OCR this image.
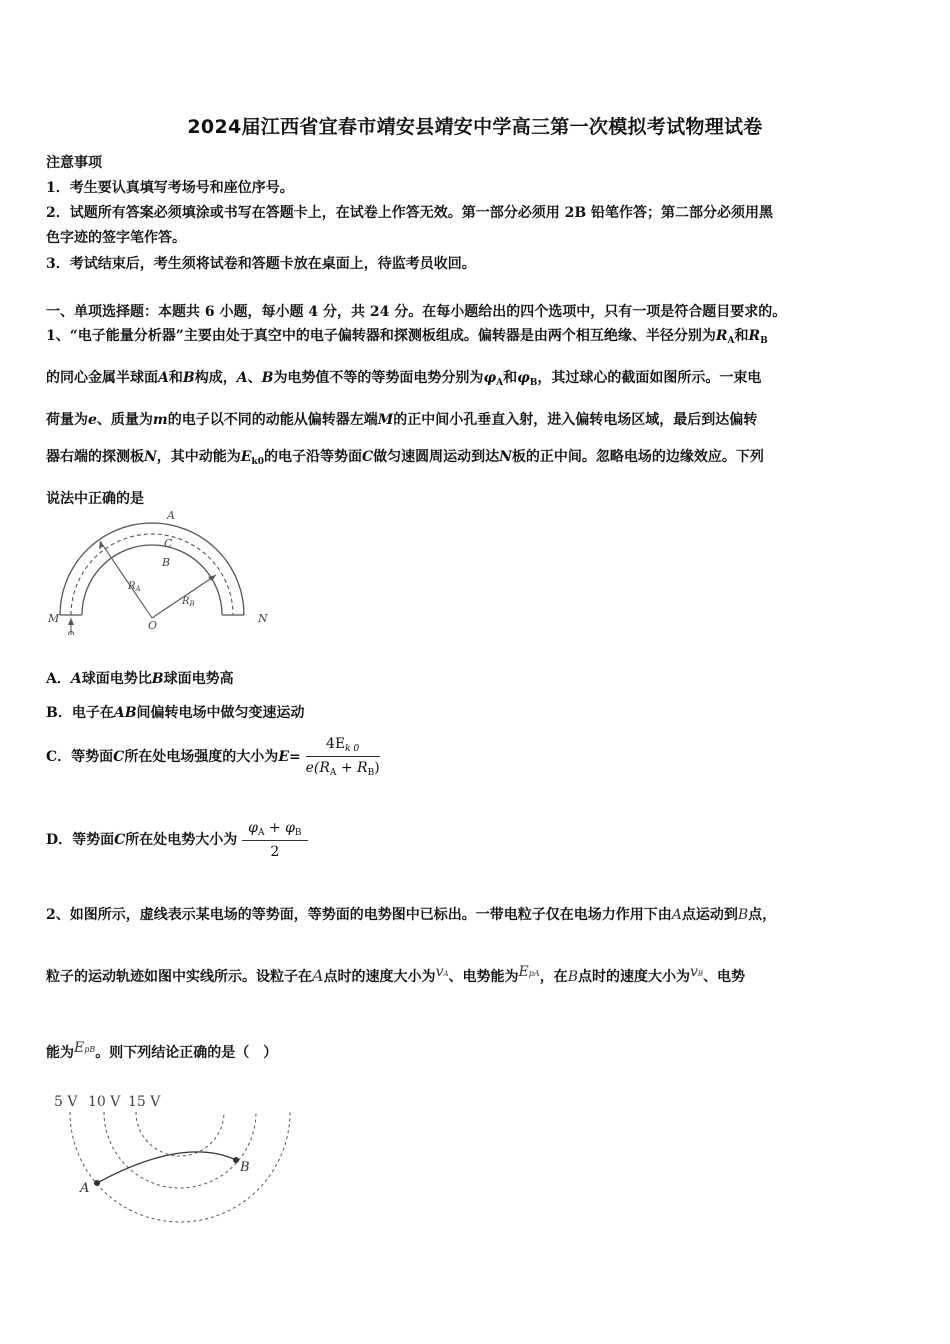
2024届江西省宜春市靖安县靖安中学高三第一次模拟考试物理试卷
注意事项
1．考生要认真填写考场号和座位序号。
2．试题所有答案必须填涂或书写在答题卡上，在试卷上作答无效。第一部分必须用 2B 铅笔作答；第二部分必须用黑
色字迹的签字笔作答。
3．考试结束后，考生须将试卷和答题卡放在桌面上，待监考员收回。
一、单项选择题：本题共 6 小题，每小题 4 分，共 24 分。在每小题给出的四个选项中，只有一项是符合题目要求的。
1、“电子能量分析器”主要由处于真空中的电子偏转器和探测板组成。偏转器是由两个相互绝缘、半径分别为$R_A$和$R_B$
的同心金属半球面A和B构成，A、B为电势值不等的等势面电势分别为$\varphi_A$和$\varphi_B$，其过球心的截面如图所示。一束电
荷量为e、质量为m的电子以不同的动能从偏转器左端M的正中间小孔垂直入射，进入偏转电场区域，最后到达偏转
器右端的探测板N，其中动能为$E_{k0}$的电子沿等势面C做匀速圆周运动到达N板的正中间。忽略电场的边缘效应。下列
说法中正确的是
A
C
B
$R_A$
$R_B$
M
O
N
A．A球面电势比B球面电势高
B．电子在AB间偏转电场中做匀变速运动
C．等势面C所在处电场强度的大小为$E= \frac{4E_{k 0}}{e(R_A + R_B)}$
D．等势面C所在处电势大小为 $\frac{\varphi_A + \varphi_B}{2}$
2、如图所示，虚线表示某电场的等势面，等势面的电势图中已标出。一带电粒子仅在电场力作用下由A点运动到B点，
粒子的运动轨迹如图中实线所示。设粒子在A点时的速度大小为vA、电势能为EpA，在B点时的速度大小为vB、电势
能为EpB。则下列结论正确的是（　）
5 V 10 V 15 V
A
B
